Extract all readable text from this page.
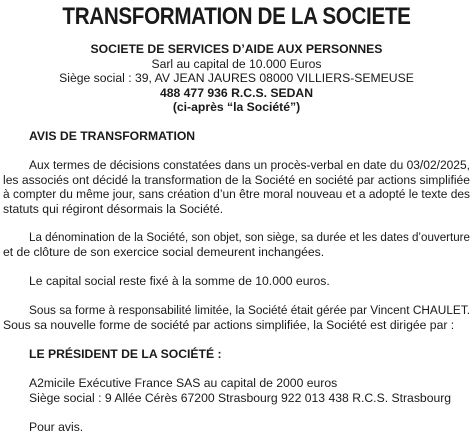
TRANSFORMATION DE LA SOCIETE
SOCIETE DE SERVICES D’AIDE AUX PERSONNES
Sarl au capital de 10.000 Euros
Siège social : 39, AV JEAN JAURES 08000 VILLIERS-SEMEUSE
488 477 936 R.C.S. SEDAN
(ci-après “la Société”)
AVIS DE TRANSFORMATION
Aux termes de décisions constatées dans un procès-verbal en date du 03/02/2025,
les associés ont décidé la transformation de la Société en société par actions simplifiée
à compter du même jour, sans création d’un être moral nouveau et a adopté le texte des
statuts qui régiront désormais la Société.
La dénomination de la Société, son objet, son siège, sa durée et les dates d’ouverture
et de clôture de son exercice social demeurent inchangées.
Le capital social reste fixé à la somme de 10.000 euros.
Sous sa forme à responsabilité limitée, la Société était gérée par Vincent CHAULET.
Sous sa nouvelle forme de société par actions simplifiée, la Société est dirigée par :
LE PRÉSIDENT DE LA SOCIÉTÉ :
A2micile Exécutive France SAS au capital de 2000 euros
Siège social : 9 Allée Cérès 67200 Strasbourg 922 013 438 R.C.S. Strasbourg
Pour avis.
